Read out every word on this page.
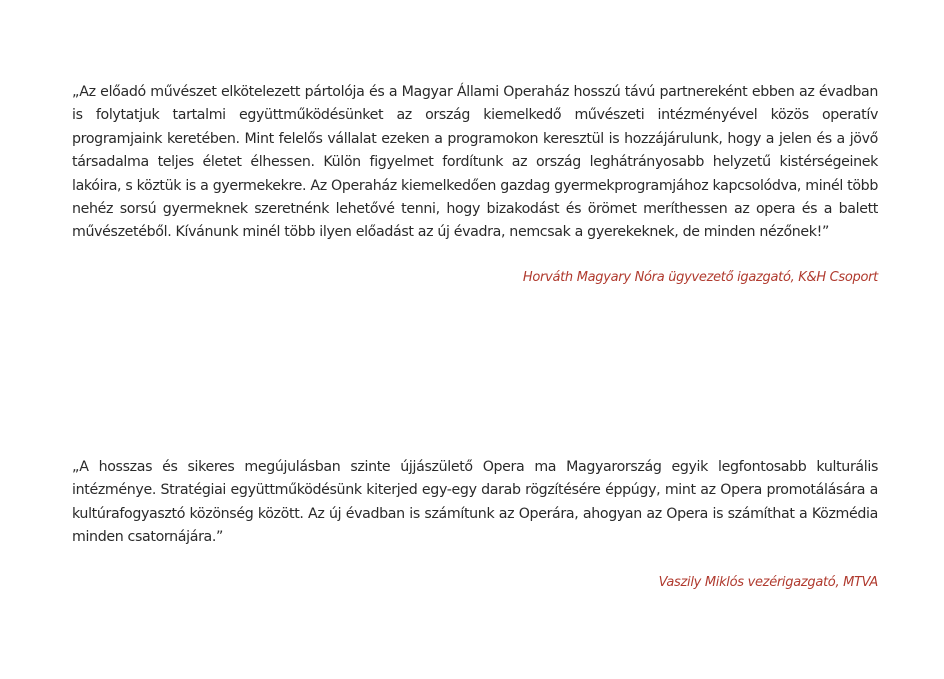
„Az előadó művészet elkötelezett pártolója és a Magyar Állami Operaház hosszú távú partnereként ebben az évadban is folytatjuk tartalmi együttműködésünket az ország kiemelkedő művészeti intézményével közös operatív programjaink keretében. Mint felelős vállalat ezeken a programokon keresztül is hozzájárulunk, hogy a jelen és a jövő társadalma teljes életet élhessen. Külön figyelmet fordítunk az ország leghátrányosabb helyzetű kistérségeinek lakóira, s köztük is a gyermekekre. Az Operaház kiemelkedően gazdag gyermekprogramjához kapcsolódva, minél több nehéz sorsú gyermeknek szeretnénk lehetővé tenni, hogy bizakodást és örömet meríthessen az opera és a balett művészetéből. Kívánunk minél több ilyen előadást az új évadra, nemcsak a gyerekeknek, de minden nézőnek!”

Horváth Magyary Nóra ügyvezető igazgató, K&H Csoport

„A hosszas és sikeres megújulásban szinte újjászülető Opera ma Magyarország egyik legfontosabb kulturális intézménye. Stratégiai együttműködésünk kiterjed egy-egy darab rögzítésére éppúgy, mint az Opera promotálására a kultúrafogyasztó közönség között. Az új évadban is számítunk az Operára, ahogyan az Opera is számíthat a Közmédia minden csatornájára.”

Vaszily Miklós vezérigazgató, MTVA
